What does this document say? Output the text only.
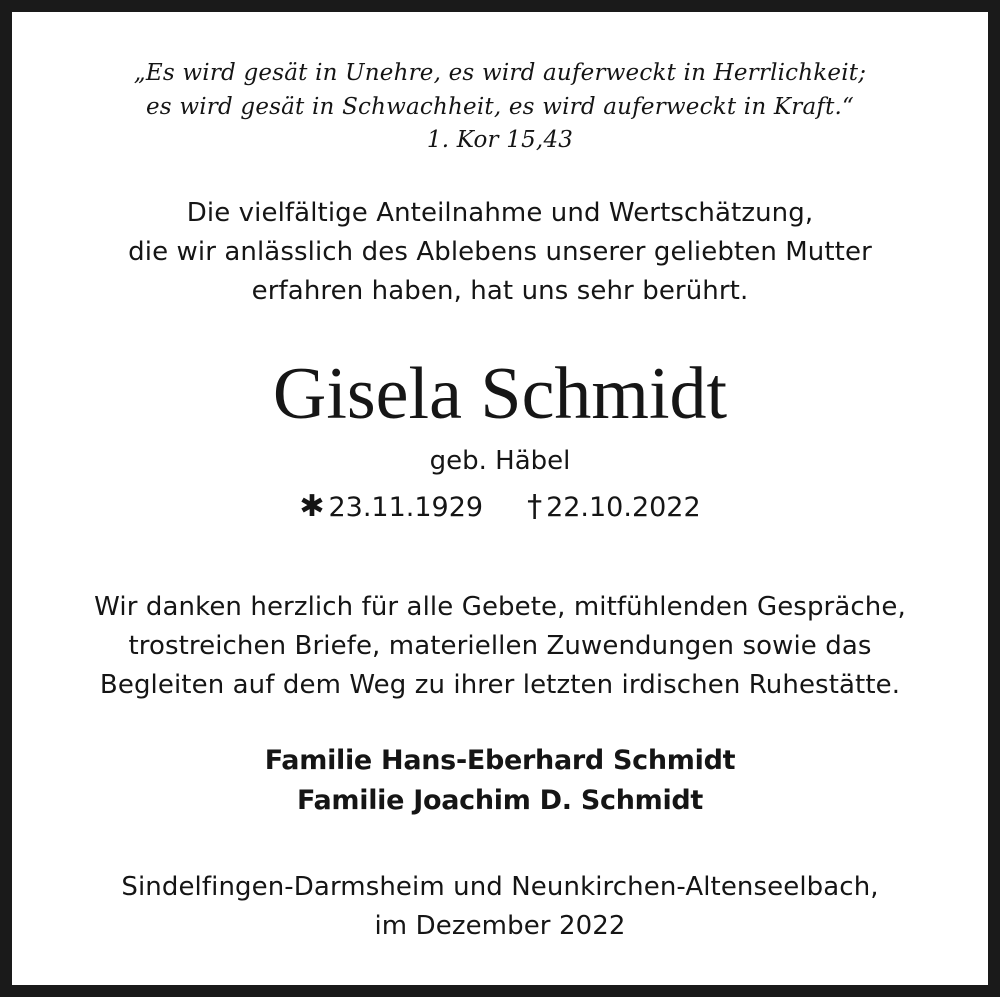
„Es wird gesät in Unehre, es wird auferweckt in Herrlichkeit;
es wird gesät in Schwachheit, es wird auferweckt in Kraft.“
1. Kor 15,43
Die vielfältige Anteilnahme und Wertschätzung,
die wir anlässlich des Ablebens unserer geliebten Mutter
erfahren haben, hat uns sehr berührt.
Gisela Schmidt
geb. Häbel
✱ 23.11.1929 † 22.10.2022
Wir danken herzlich für alle Gebete, mitfühlenden Gespräche,
trostreichen Briefe, materiellen Zuwendungen sowie das
Begleiten auf dem Weg zu ihrer letzten irdischen Ruhestätte.
Familie Hans-Eberhard Schmidt
Familie Joachim D. Schmidt
Sindelfingen-Darmsheim und Neunkirchen-Altenseelbach,
im Dezember 2022
